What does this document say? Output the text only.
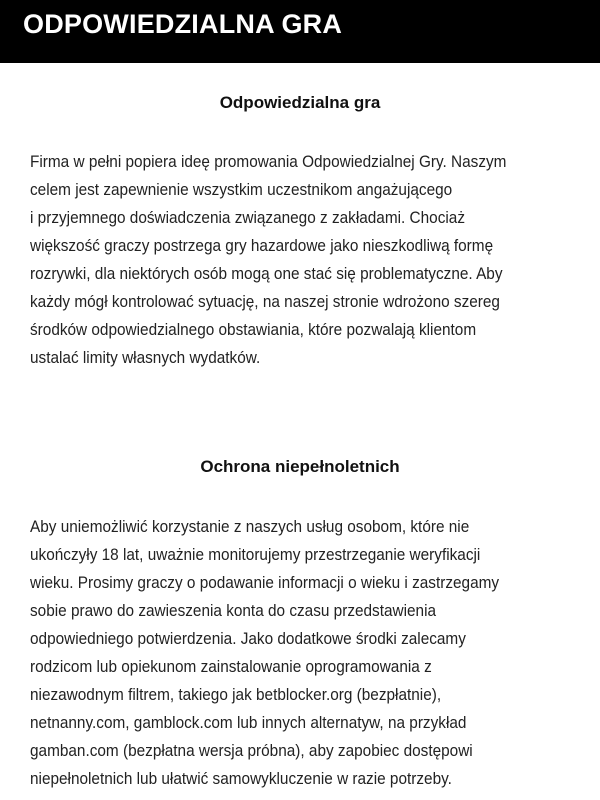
ODPOWIEDZIALNA GRA
Odpowiedzialna gra

Firma w pełni popiera ideę promowania Odpowiedzialnej Gry. Naszym
celem jest zapewnienie wszystkim uczestnikom angażującego
i przyjemnego doświadczenia związanego z zakładami. Chociaż
większość graczy postrzega gry hazardowe jako nieszkodliwą formę
rozrywki, dla niektórych osób mogą one stać się problematyczne. Aby
każdy mógł kontrolować sytuację, na naszej stronie wdrożono szereg
środków odpowiedzialnego obstawiania, które pozwalają klientom
ustalać limity własnych wydatków.

Ochrona niepełnoletnich

Aby uniemożliwić korzystanie z naszych usług osobom, które nie
ukończyły 18 lat, uważnie monitorujemy przestrzeganie weryfikacji
wieku. Prosimy graczy o podawanie informacji o wieku i zastrzegamy
sobie prawo do zawieszenia konta do czasu przedstawienia
odpowiedniego potwierdzenia. Jako dodatkowe środki zalecamy
rodzicom lub opiekunom zainstalowanie oprogramowania z
niezawodnym filtrem, takiego jak betblocker.org (bezpłatnie),
netnanny.com, gamblock.com lub innych alternatyw, na przykład
gamban.com (bezpłatna wersja próbna), aby zapobiec dostępowi
niepełnoletnich lub ułatwić samowykluczenie w razie potrzeby.
